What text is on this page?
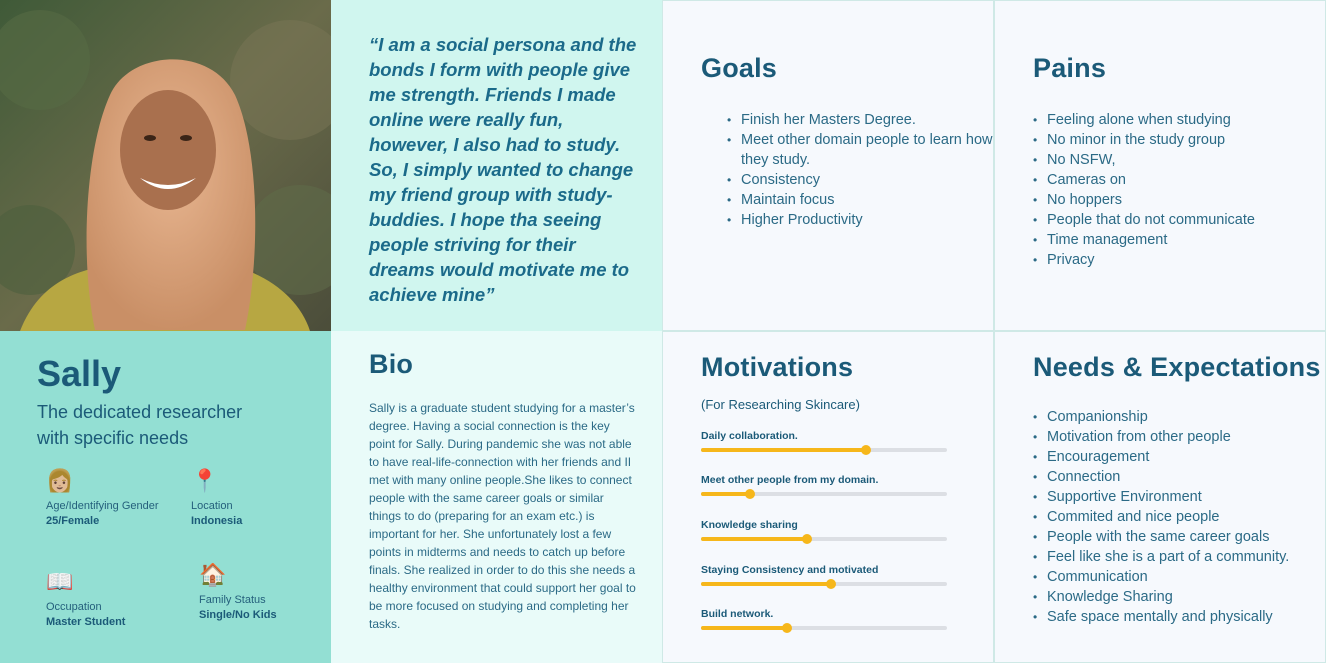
“I am a social persona and the bonds I form with people give me strength. Friends I made online were really fun, however, I also had to study. So, I simply wanted to change my friend group with study-buddies. I hope tha seeing people striving for their dreams would motivate me to achieve mine”

Goals
• Finish her Masters Degree.
• Meet other domain people to learn how they study.
• Consistency
• Maintain focus
• Higher Productivity
Pains
• Feeling alone when studying
• No minor in the study group
• No NSFW,
• Cameras on
• No hoppers
• People that do not communicate
• Time management
• Privacy
Sally
The dedicated researcher with specific needs
👩🏼
Age/Identifying Gender
25/Female
📍
Location
Indonesia
📖
Occupation
Master Student
🏠
Family Status
Single/No Kids
Bio
Sally is a graduate student studying for a master’s degree. Having a social connection is the key point for Sally. During pandemic she was not able to have real-life-connection with her friends and II met with many online people.She likes to connect people with the same career goals or similar things to do (preparing for an exam etc.) is important for her. She unfortunately lost a few points in midterms and needs to catch up before finals. She realized in order to do this she needs a healthy environment that could support her goal to be more focused on studying and completing her tasks.
Motivations
(For Researching Skincare)
Daily collaboration.
Meet other people from my domain.
Knowledge sharing
Staying Consistency and motivated
Build network.
Needs & Expectations
• Companionship
• Motivation from other people
• Encouragement
• Connection
• Supportive Environment
• Commited and nice people
• People with the same career goals
• Feel like she is a part of a community.
• Communication
• Knowledge Sharing
• Safe space mentally and physically
